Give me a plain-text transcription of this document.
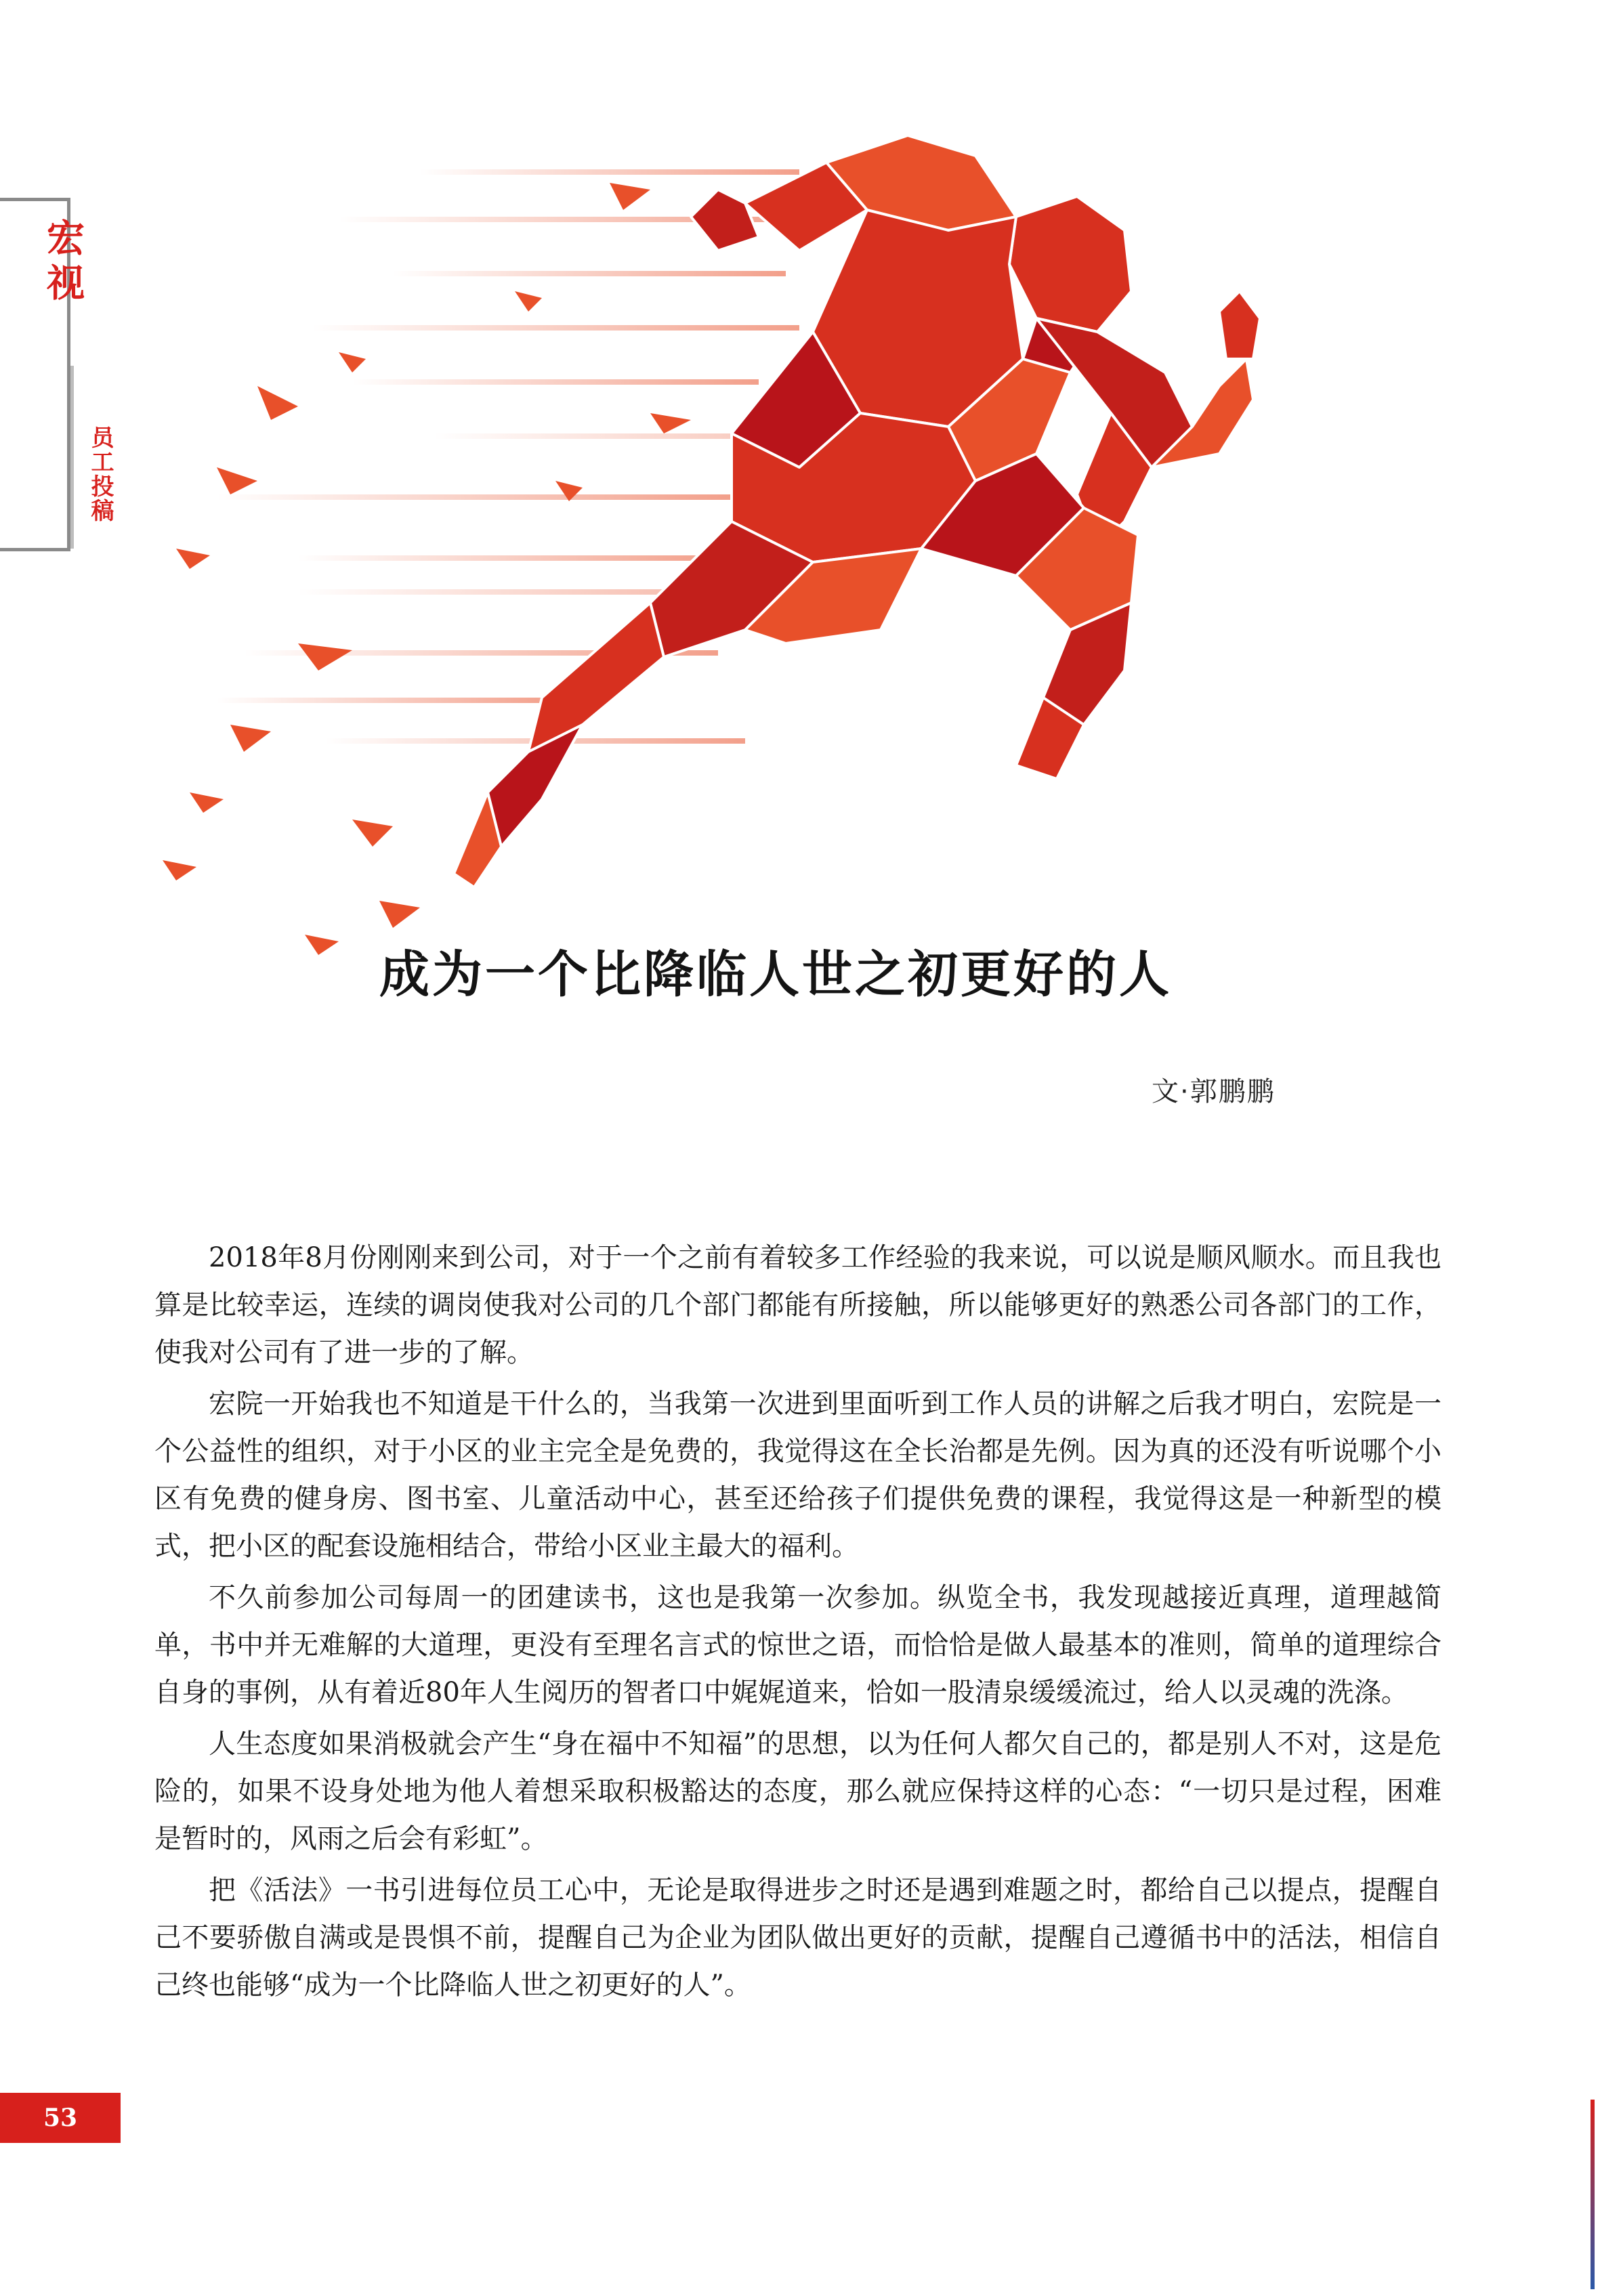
宏视
员工投稿
成为一个比降临人世之初更好的人
文·郭鹏鹏

2018年8月份刚刚来到公司，对于一个之前有着较多工作经验的我来说，可以说是顺风顺水。而且我也算是比较幸运，连续的调岗使我对公司的几个部门都能有所接触，所以能够更好的熟悉公司各部门的工作，使我对公司有了进一步的了解。

宏院一开始我也不知道是干什么的，当我第一次进到里面听到工作人员的讲解之后我才明白，宏院是一个公益性的组织，对于小区的业主完全是免费的，我觉得这在全长治都是先例。因为真的还没有听说哪个小区有免费的健身房、图书室、儿童活动中心，甚至还给孩子们提供免费的课程，我觉得这是一种新型的模式，把小区的配套设施相结合，带给小区业主最大的福利。

不久前参加公司每周一的团建读书，这也是我第一次参加。纵览全书，我发现越接近真理，道理越简单，书中并无难解的大道理，更没有至理名言式的惊世之语，而恰恰是做人最基本的准则，简单的道理综合自身的事例，从有着近80年人生阅历的智者口中娓娓道来，恰如一股清泉缓缓流过，给人以灵魂的洗涤。

人生态度如果消极就会产生“身在福中不知福”的思想，以为任何人都欠自己的，都是别人不对，这是危险的，如果不设身处地为他人着想采取积极豁达的态度，那么就应保持这样的心态：“一切只是过程，困难是暂时的，风雨之后会有彩虹”。

把《活法》一书引进每位员工心中，无论是取得进步之时还是遇到难题之时，都给自己以提点，提醒自己不要骄傲自满或是畏惧不前，提醒自己为企业为团队做出更好的贡献，提醒自己遵循书中的活法，相信自己终也能够“成为一个比降临人世之初更好的人”。

53
